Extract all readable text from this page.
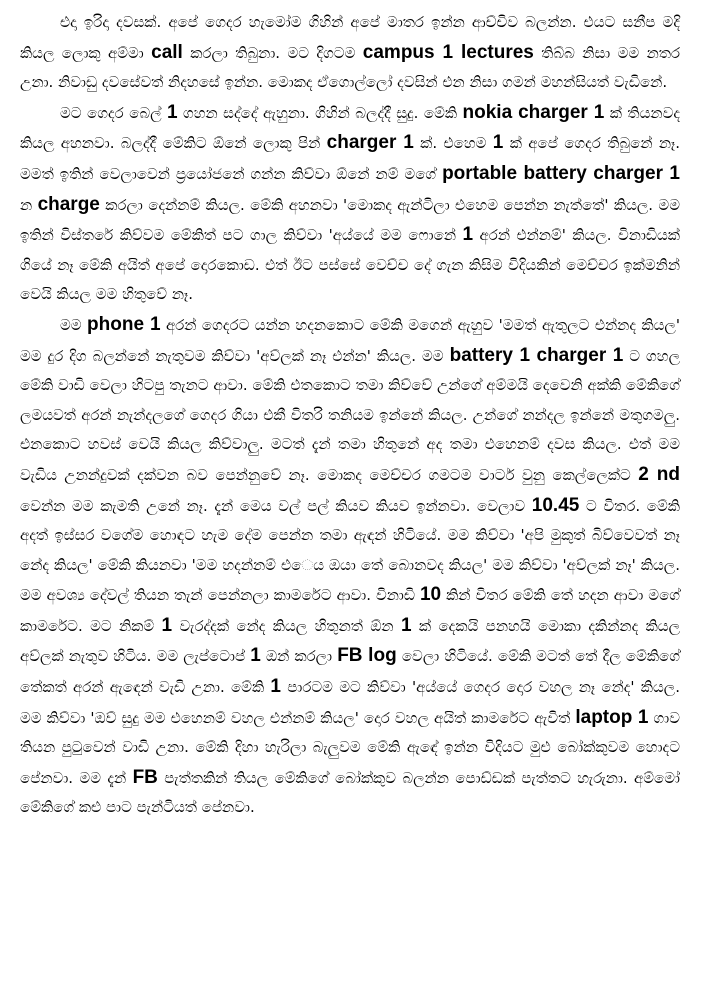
එදා ඉරිදා දවසක්. අපේ ගෙදර හැමෝම ගිහින් අපේ මාතර ඉන්න ආච්චිව බලන්න. එයට සනීප මදි කියල ලොකු අම්මා call කරලා තිබුනා. මට දිගටම campus 1 lectures තිබ්බ නිසා මම නතර උනා. නිවාඩු දවසේවත් නිදහසේ ඉන්න. මොකද ඒගොල්ලෝ දවසින් එන නිසා ගමන් මහන්සියත් වැඩිනේ.

මට ගෙදර බෙල් 1 ගහන සද්දේ ඇහුනා. ගිහින් බලද්දී සුදු. මේකි nokia charger 1 ක් තියනවද කියල අහනවා. බලද්දී මේකිට ඕනේ ලොකු පින් charger 1 ක්. එහෙම 1 ක් අපේ ගෙදර තිබුනේ නෑ. මමත් ඉතින් වෙලාවෙන් ප්‍රයෝජනේ ගන්න කිව්වා ඕනේ නම් මගේ portable battery charger 1 න charge කරලා දෙන්නම් කියල. මේකි අහනවා 'මොකද ඇන්ටිලා එහෙම පෙන්න නැත්තේ' කියල. මම ඉතින් විස්තරේ කිව්වම මේකිත් පට ගාල කිව්වා 'අය්යේ මම ෆොනේ 1 අරන් එන්නම්' කියල. විනාඩියක් ගියේ නෑ මේකි අයිත් අපේ දොරකොඩ. එත් ඊට පස්සේ වෙච්ච දේ ගැන කිසිම විදියකින් මෙච්චර ඉක්මනින් වෙයි කියල මම හිතුවේ නෑ.

මම phone 1 අරන් ගෙදරට යන්න හදනකොට මේකි මගෙන් ඇහුව 'මමත් ඇතුලට එන්නද කියල' මම දුර දිග බලන්නේ නැතුවම කිව්වා 'අව්ලක් නෑ එන්න' කියල. මම battery 1 charger 1 ට ගහල මේකි වාඩි වෙලා හිටපු තැනට ආවා. මේකි එතකොට තමා කිව්වේ උන්ගේ අම්මයි දෙවෙනි අක්කි මේකිගේ ලමයවත් අරන් නැන්දලගේ ගෙදර ගියා එකී විතරි තනියම ඉන්නේ කියල. උන්ගේ නන්දල ඉන්නේ මතුගමලු. එනකොට හවස් වෙයි කියල කිව්වාලු. මටත් දැන් තමා හිතුනේ අද තමා එහෙනම් දවස කියල. එත් මම වැඩිය උනන්දුවක් දක්වන බව පෙන්නුවේ නෑ. මොකද මෙච්චර ගමටම වාටර් වුනු කෙල්ලෙක්ට 2 nd වෙන්න මම කැමති උනේ නෑ. දැන් මෙය වල් පල් කියව කියව ඉන්නවා. වෙලාව 10.45 ට විතර. මේකි අදත් ඉස්සර වගේම හොඳට හැම දේම පෙන්න තමා ඇඳන් හිටියේ. මම කිව්වා 'අපි මුකුත් බිව්වෙවත් නෑ නේද කියල' මේකි කියනවා 'මම හදන්නම් එෙය ඔයා තේ බොනවද කියල' මම කිව්වා 'අව්ලක් නෑ' කියල. මම අවශ්‍ය දේවල් තියන තැන් පෙන්නලා කාමරේට ආවා. විනාඩි 10 කින් විතර මේකි තේ හදන ආවා මගේ කාමරේට. මට නිකම් 1 වැරද්දක් නේද කියල හිතුනත් ඕන 1 ක් දෙකයි පනහයි මොකා දකින්නද කියල අව්ලක් නැතුව හිටිය. මම ලැප්ටොප් 1 ඔන් කරලා FB log වෙලා හිටියේ. මේකි මටත් තේ දීල මේකිගේ තේකත් අරන් ඇඳෙන් වැඩි උනා. මේකි 1 පාරටම මට කිව්වා 'අය්යේ ගෙදර දොර වහල නෑ නේද' කියල. මම කිව්වා 'ඔව් සුදු මම එහෙනම් වහල එන්නම් කියල' දොර වහල අයිත් කාමරේට ඇවිත් laptop 1 ගාව තියන පුටුවෙන් වාඩි උනා. මේකි දිහා හැරිලා බැලුවම මේකි ඇඳේ ඉන්න විදියට මුළු බෝක්කුවම හොදට පේනවා. මම දැන් FB පැත්තකින් තියල මේකිගේ බෝක්කුව බලන්න පොඩ්ඩක් පැත්තට හැරුනා. අම්මෝ මේකිගේ කළු පාට පැන්ටියත් පේනවා.
